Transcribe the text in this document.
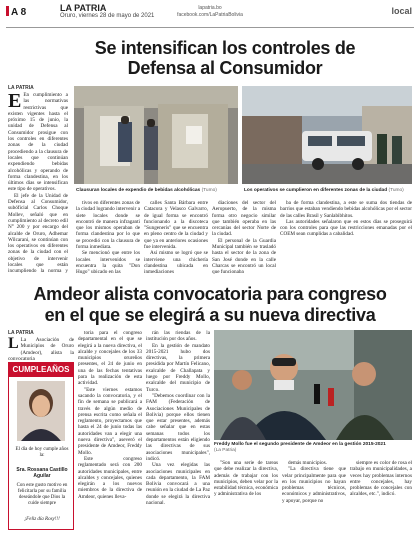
A 8	LA PATRIA
Oruro, viernes 28 de mayo de 2021
lapatria.bo
facebook.com/LaPatriaBolivia	local
Se intensifican los controles de Defensa al Consumidor
LA PATRIA

E En cumplimiento a las normativas restrictivas que existen vigentes hasta el próximo 15 de junio, la unidad de Defensa al Consumidor prosigue con los controles en diferentes zonas de la ciudad procediendo a la clausura de locales que continúan expendiendo bebidas alcohólicas y operando de forma clandestina, en los últimos días se intensifican este tipo de operativos.

El jefe de la Unidad de Defensa al Consumidor, subóficial Carlos Choque Mollev, señaló que en cumplimiento al decreto edil N° 200 y por encargo del alcalde de Oruro, Adhemar Wilcarani, se continúan con los operativos en diferentes zonas de la ciudad con el objetivo de intervenir locales que están incumpliendo la norma y

Clausuran locales de expendio de bebidas alcohólicas (Tumo)	Los operativos se cumplieron en diferentes zonas de la ciudad (Tumo)

tivos en diferentes zonas de la ciudad logrando intervenir a siete locales donde se encontró de manera infraganti que los mismos operaban de forma clandestina por lo que se procedió con la clausura de forma inmediata.

Se mencionó que entre los locales intervenidos se encuentra la quita "Don Hugo" ubicado en las

calles Santa Bárbara entre Catacora y Velasco Galvarro, de igual forma se encontró funcionando a la discoteca "Sungeneris" que se encuentra en pleno centro de la ciudad y que ya en anteriores ocasiones fue intervenida.

Así mismo se logró que se interviene una chichería clandestina ubicada en inmediaciones

diaciones del sector del Aeropuerto, de la misma forma otro negocio similar que también operaba en las cercanías del sector Norte de la ciudad.

El personal de la Guardia Municipal también se trasladó hasta el sector de la zona de San José donde en la calle Charcas se encontró un local que funcionaba

ba de forma clandestina, a este se suma dos tiendas de barrios que estaban vendiendo bebidas alcohólicas por el sector de las calles Brasil y Sanlabibhitos.

Las autoridades señalaron que en estos días se proseguirá con los controles para que las restricciones emanadas por el COEM sean cumplidas a cabalidad.

Amdeor alista convocatoria para congreso en el que se elegirá a su nueva directiva
LA PATRIA

L La Asociación de Municipios de Oruro (Amdeor), alista la convocatoria

CUMPLEAÑOS
El día de hoy cumple años la:
Sra. Rossana Castillo Aguilar
Con este gusto motivo en felicitarla por su familia deseándole que Dios la cuide siempre
¡Feliz día Rosy!!!

toria para el congreso departamental en el que se elegirá a la nueva directiva, el alcalde y concejales de los 33 municipios orureños presentes, el 24 de junio en una de las fechas tentativas para la realización de esta actividad.

"Este viernes estamos sacando la convocatoria, y el fin de semana se publicará a través de algún medio de prensa escrita como señala el reglamento, proyectamos que hasta el 24 de junio todas las autoridades van a elegir una nueva directiva", aseveró el presidente de Amdeor, Freddy Mollo.

Este congreso reglamentado será con 200 autoridades municipales, entre alcaldes y concejales, quienes elegirán a los nuevos miembros de la directiva de Amdeor, quienes lleva-

rán las riendas de la institución por dos años.

En la gestión de mandato 2015-2021 hubo dos directivas, la primera presidida por Martín Felicano, exalcalde de Challapata y luego por Freddy Mollo, exalcalde del municipio de Turco.

"Debemos coordinar con la FAM (Federación de Asociaciones Municipales de Bolivia) porque ellos tienen que estar presentes, además cabe señalar que en estas semanas todos los departamentos están eligiendo las directivas de sus asociaciones municipales", indicó.

Una vez elegidas las asociaciones municipales en cada departamento, la FAM Bolivia convocará a una reunión en la ciudad de La Paz donde se elegirá la directiva nacional.

Freddy Mollo fue el segundo presidente de Amdeor en la gestión 2015-2021
(La Patria)

"Son una serie de tareas que debe realizar la directiva, además de trabajar con los municipios, deben velar por la estabilidad técnica, económica y administrativa de los

demás municipios.

"La directiva tiene que velar principalmente para que en los municipios no hayan problemas técnicos, económicos y administrativos, y apoyar, porque no

siempre es color de rosa el trabajo en municipalidades, a veces hay problemas internos entre concejales, hay problemas de concejales con alcaldes, etc.", indicó.
